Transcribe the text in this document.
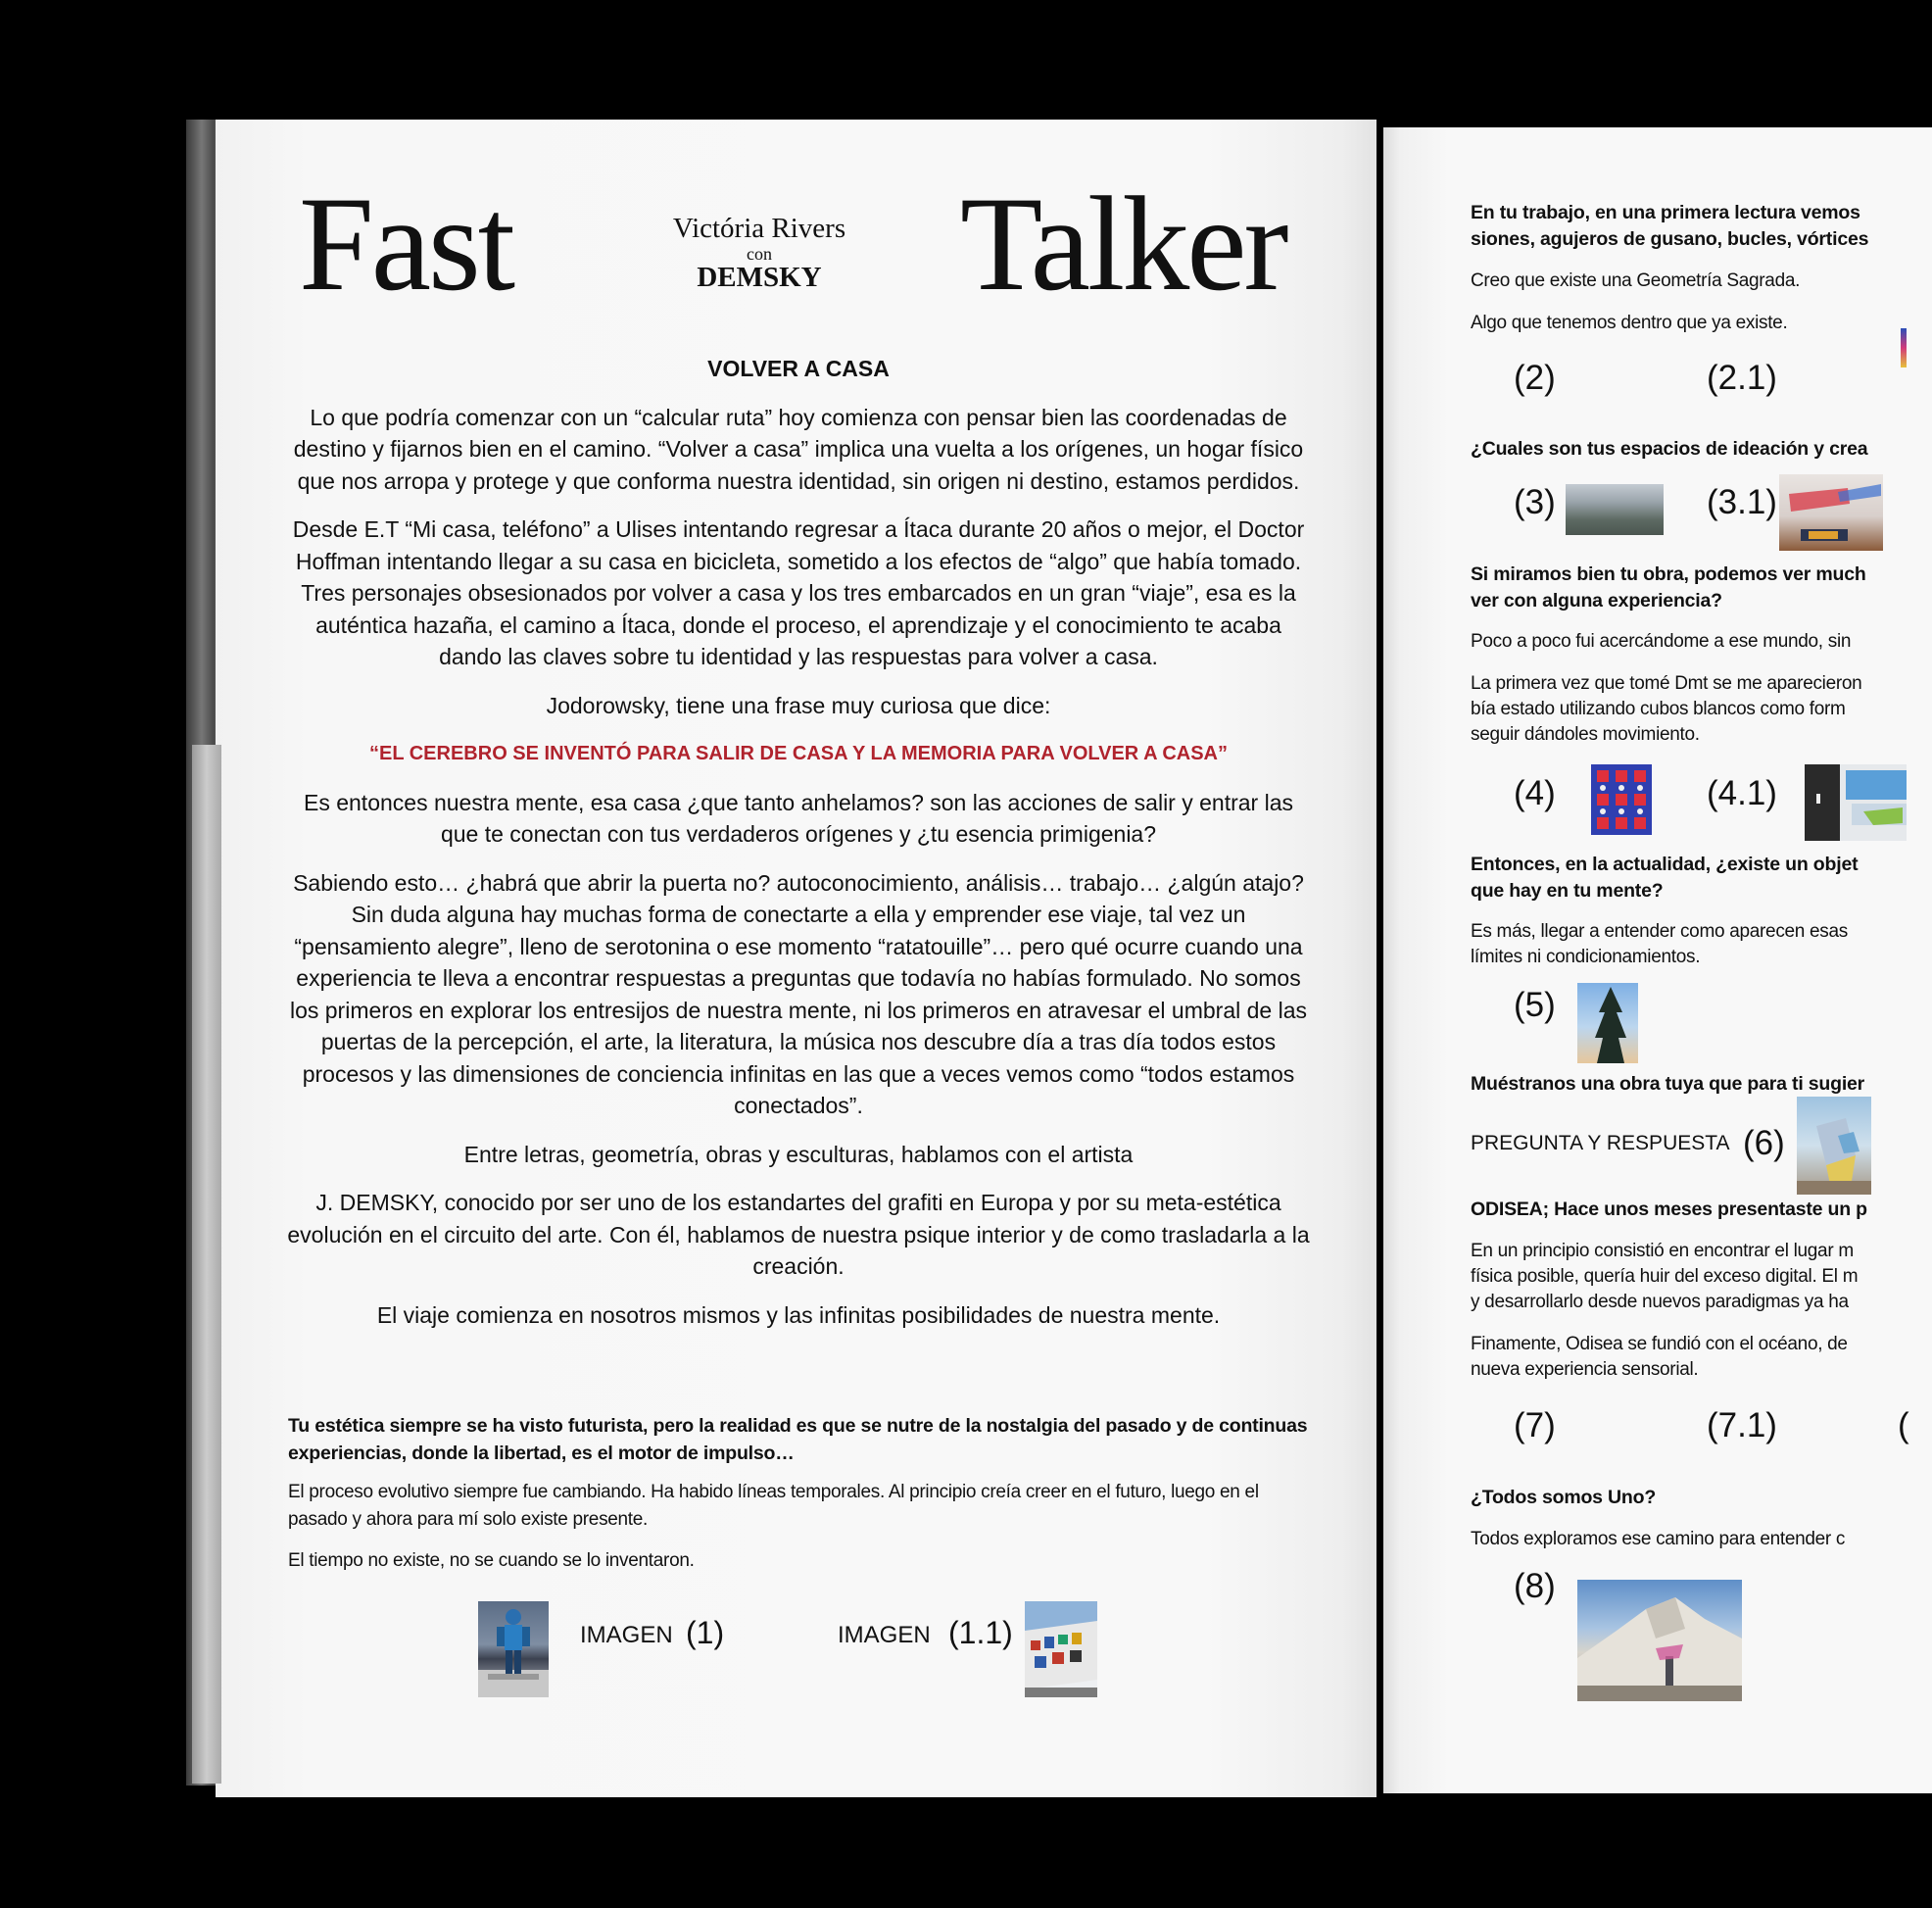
Fast	Talker
Victória Rivers
con
DEMSKY

VOLVER A CASA

Lo que podría comenzar con un “calcular ruta” hoy comienza con pensar bien las coordenadas de destino y fijarnos bien en el camino. “Volver a casa” implica una vuelta a los orígenes, un hogar físico que nos arropa y protege y que conforma nuestra identidad, sin origen ni destino, estamos perdidos.

Desde E.T “Mi casa, teléfono” a Ulises intentando regresar a Ítaca durante 20 años o mejor, el Doctor Hoffman intentando llegar a su casa en bicicleta, sometido a los efectos de “algo” que había tomado. Tres personajes obsesionados por volver a casa y los tres embarcados en un gran “viaje”, esa es la auténtica hazaña, el camino a Ítaca, donde el proceso, el aprendizaje y el conocimiento te acaba dando las claves sobre tu identidad y las respuestas para volver a casa.

Jodorowsky, tiene una frase muy curiosa que dice:

“EL CEREBRO SE INVENTÓ PARA SALIR DE CASA Y LA MEMORIA PARA VOLVER A CASA”

Es entonces nuestra mente, esa casa ¿que tanto anhelamos? son las acciones de salir y entrar las que te conectan con tus verdaderos orígenes y ¿tu esencia primigenia?

Sabiendo esto… ¿habrá que abrir la puerta no? autoconocimiento, análisis… trabajo… ¿algún atajo? Sin duda alguna hay muchas forma de conectarte a ella y emprender ese viaje, tal vez un “pensamiento alegre”, lleno de serotonina o ese momento “ratatouille”… pero qué ocurre cuando una experiencia te lleva a encontrar respuestas a preguntas que todavía no habías formulado. No somos los primeros en explorar los entresijos de nuestra mente, ni los primeros en atravesar el umbral de las puertas de la percepción, el arte, la literatura, la música nos descubre día a tras día todos estos procesos y las dimensiones de conciencia infinitas en las que a veces vemos como “todos estamos conectados”.

Entre letras, geometría, obras y esculturas, hablamos con el artista

J. DEMSKY, conocido por ser uno de los estandartes del grafiti en Europa y por su meta-estética evolución en el circuito del arte. Con él, hablamos de nuestra psique interior y de como trasladarla a la creación.

El viaje comienza en nosotros mismos y las infinitas posibilidades de nuestra mente.

Tu estética siempre se ha visto futurista, pero la realidad es que se nutre de la nostalgia del pasado y de continuas experiencias, donde la libertad, es el motor de impulso…

El proceso evolutivo siempre fue cambiando. Ha habido líneas temporales. Al principio creía creer en el futuro, luego en el pasado y ahora para mí solo existe presente.

El tiempo no existe, no se cuando se lo inventaron.

IMAGEN (1)	IMAGEN (1.1)
En tu trabajo, en una primera lectura vemos
siones, agujeros de gusano, bucles, vórtices
Creo que existe una Geometría Sagrada.
Algo que tenemos dentro que ya existe.
(2)	(2.1)
¿Cuales son tus espacios de ideación y crea
(3)	(3.1)
Si miramos bien tu obra, podemos ver much
ver con alguna experiencia?
Poco a poco fui acercándome a ese mundo, sin
La primera vez que tomé Dmt se me aparecieron
bía estado utilizando cubos blancos como form
seguir dándoles movimiento.
(4)	(4.1)
Entonces, en la actualidad, ¿existe un objet
que hay en tu mente?
Es más, llegar a entender como aparecen esas
límites ni condicionamientos.
(5)
Muéstranos una obra tuya que para ti sugier
PREGUNTA Y RESPUESTA (6)
ODISEA; Hace unos meses presentaste un p
En un principio consistió en encontrar el lugar m
física posible, quería huir del exceso digital. El m
y desarrollarlo desde nuevos paradigmas ya ha
Finamente, Odisea se fundió con el océano, de
nueva experiencia sensorial.
(7)	(7.1)	(
¿Todos somos Uno?
Todos exploramos ese camino para entender c
(8)
